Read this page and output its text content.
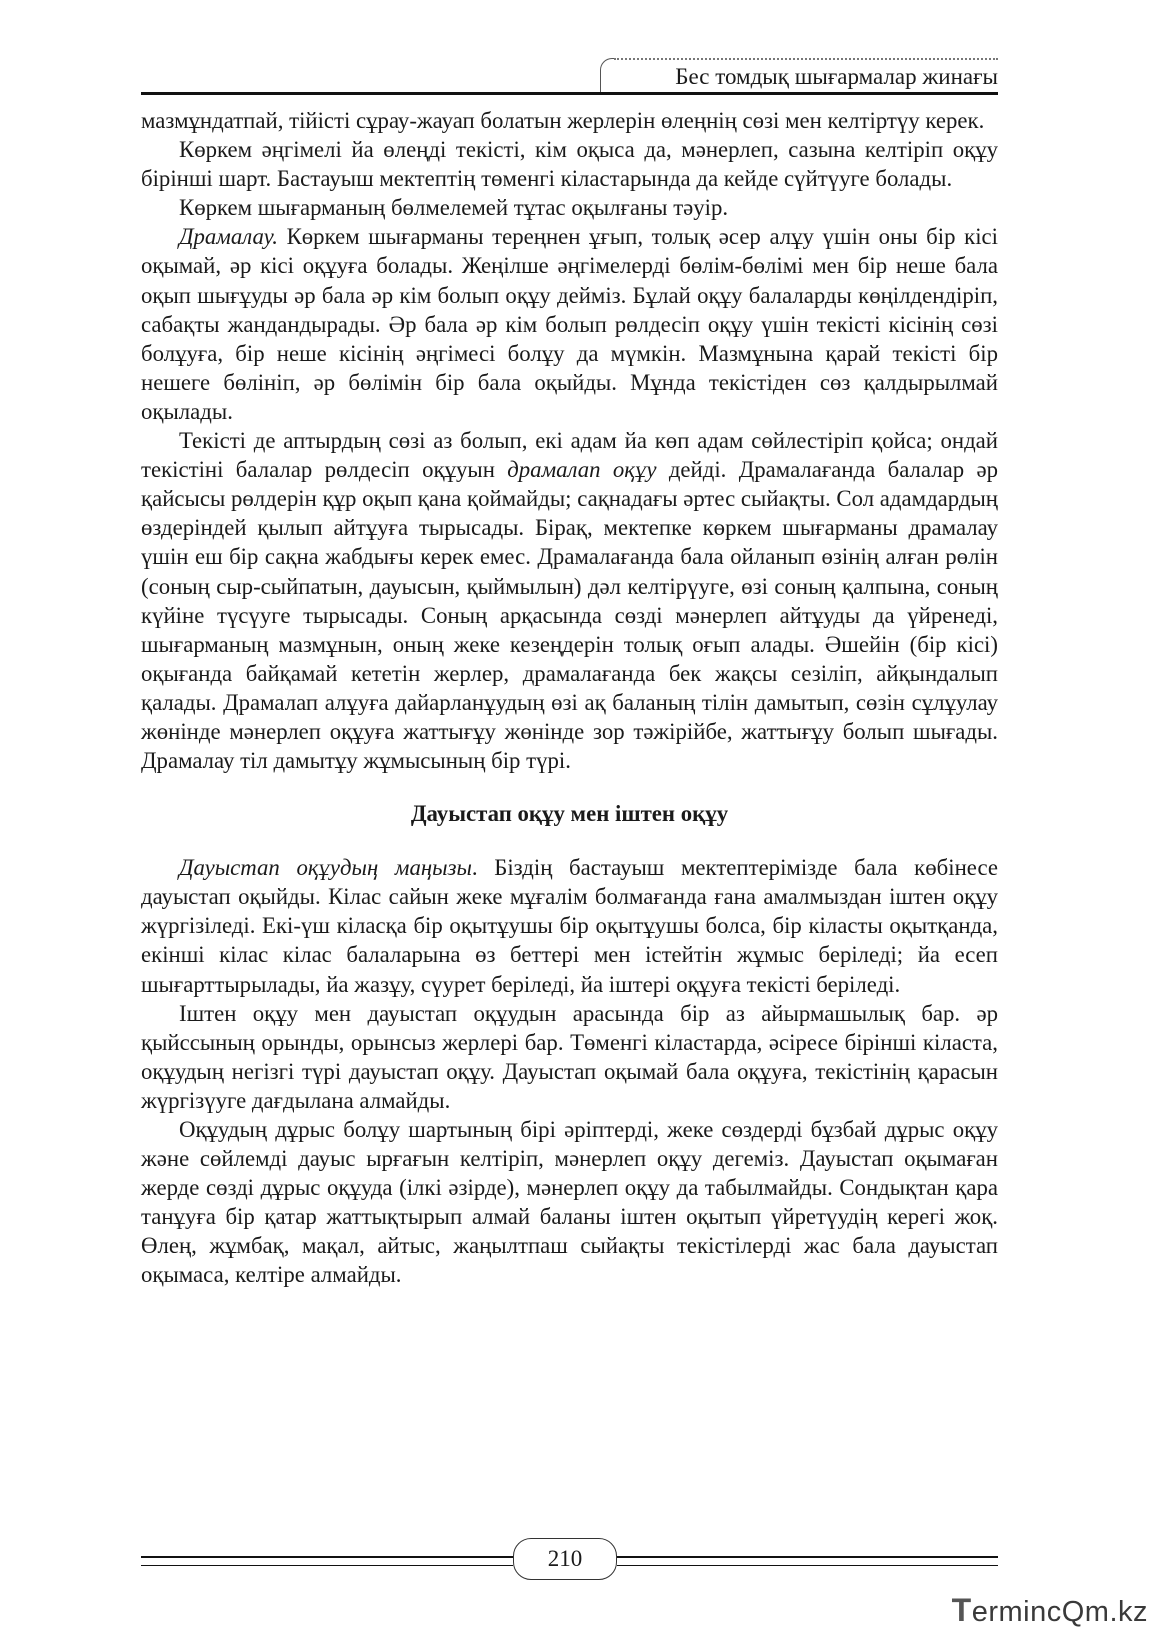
Бес томдық шығармалар жинағы

мазмұндатпай, тійісті сұрау-жауап болатын жерлерін өлеңнің сөзі мен келтіртүу керек.

Көркем әңгімелі йа өлеңді текісті, кім оқыса да, мәнерлеп, сазына келтіріп оқұу бірінші шарт. Бастауыш мектептің төменгі кіластарында да кейде сүйтүуге болады.

Көркем шығарманың бөлмелемей тұтас оқылғаны тәуір.

Драмалау. Көркем шығарманы тереңнен ұғып, толық әсер алұу үшін оны бір кісі оқымай, әр кісі оқұуға болады. Жеңілше әңгімелерді бөлім-бөлімі мен бір неше бала оқып шығұуды әр бала әр кім болып оқұу дейміз. Бұлай оқұу балаларды көңілдендіріп, сабақты жандандырады. Әр бала әр кім болып рөлдесіп оқұу үшін текісті кісінің сөзі болұуға, бір неше кісінің әңгімесі болұу да мүмкін. Мазмұнына қарай текісті бір нешеге бөлініп, әр бөлімін бір бала оқыйды. Мұнда текістіден сөз қалдырылмай оқылады.

Текісті де аптырдың сөзі аз болып, екі адам йа көп адам сөйлестіріп қойса; ондай текістіні балалар рөлдесіп оқұуын драмалап оқұу дейді. Драмалағанда балалар әр қайсысы рөлдерін құр оқып қана қоймайды; сақнадағы әртес сыйақты. Сол адамдардың өздеріндей қылып айтұуға тырысады. Бірақ, мектепке көркем шығарманы драмалау үшін еш бір сақна жабдығы керек емес. Драмалағанда бала ойланып өзінің алған рөлін (соның сыр-сыйпатын, дауысын, қыймылын) дәл келтірүуге, өзі соның қалпына, соның күйіне түсүуге тырысады. Соның арқасында сөзді мәнерлеп айтұуды да үйренеді, шығарманың мазмұнын, оның жеке кезеңдерін толық оғып алады. Әшейін (бір кісі) оқығанда байқамай кететін жерлер, драмалағанда бек жақсы сезіліп, айқындалып қалады. Драмалап алұуға дайарланұудың өзі ақ баланың тілін дамытып, сөзін сұлұулау жөнінде мәнерлеп оқұуға жаттығұу жөнінде зор тәжірійбе, жаттығұу болып шығады. Драмалау тіл дамытұу жұмысының бір түрі.

Дауыстап оқұу мен іштен оқұу

Дауыстап оқұудың маңызы. Біздің бастауыш мектептерімізде бала көбінесе дауыстап оқыйды. Кілас сайын жеке мұғалім болмағанда ғана амалмыздан іштен оқұу жүргізіледі. Екі-үш кіласқа бір оқытұушы бір оқытұушы болса, бір кіласты оқытқанда, екінші кілас кілас балаларына өз беттері мен істейтін жұмыс беріледі; йа есеп шығарттырылады, йа жазұу, сүурет беріледі, йа іштері оқұуға текісті беріледі.

Іштен оқұу мен дауыстап оқұудын арасында бір аз айырмашылық бар. әр қыйссының орынды, орынсыз жерлері бар. Төменгі кіластарда, әсіресе бірінші кіласта, оқұудың негізгі түрі дауыстап оқұу. Дауыстап оқымай бала оқұуға, текістінің қарасын жүргізүуге дағдылана алмайды.

Оқұудың дұрыс болұу шартының бірі әріптерді, жеке сөздерді бұзбай дұрыс оқұу және сөйлемді дауыс ырғағын келтіріп, мәнерлеп оқұу дегеміз. Дауыстап оқымаған жерде сөзді дұрыс оқұуда (ілкі әзірде), мәнерлеп оқұу да табылмайды. Сондықтан қара танұуға бір қатар жаттықтырып алмай баланы іштен оқытып үйретүудің керегі жоқ. Өлең, жұмбақ, мақал, айтыс, жаңылтпаш сыйақты текістілерді жас бала дауыстап оқымаса, келтіре алмайды.

210
TermincQm.kz
